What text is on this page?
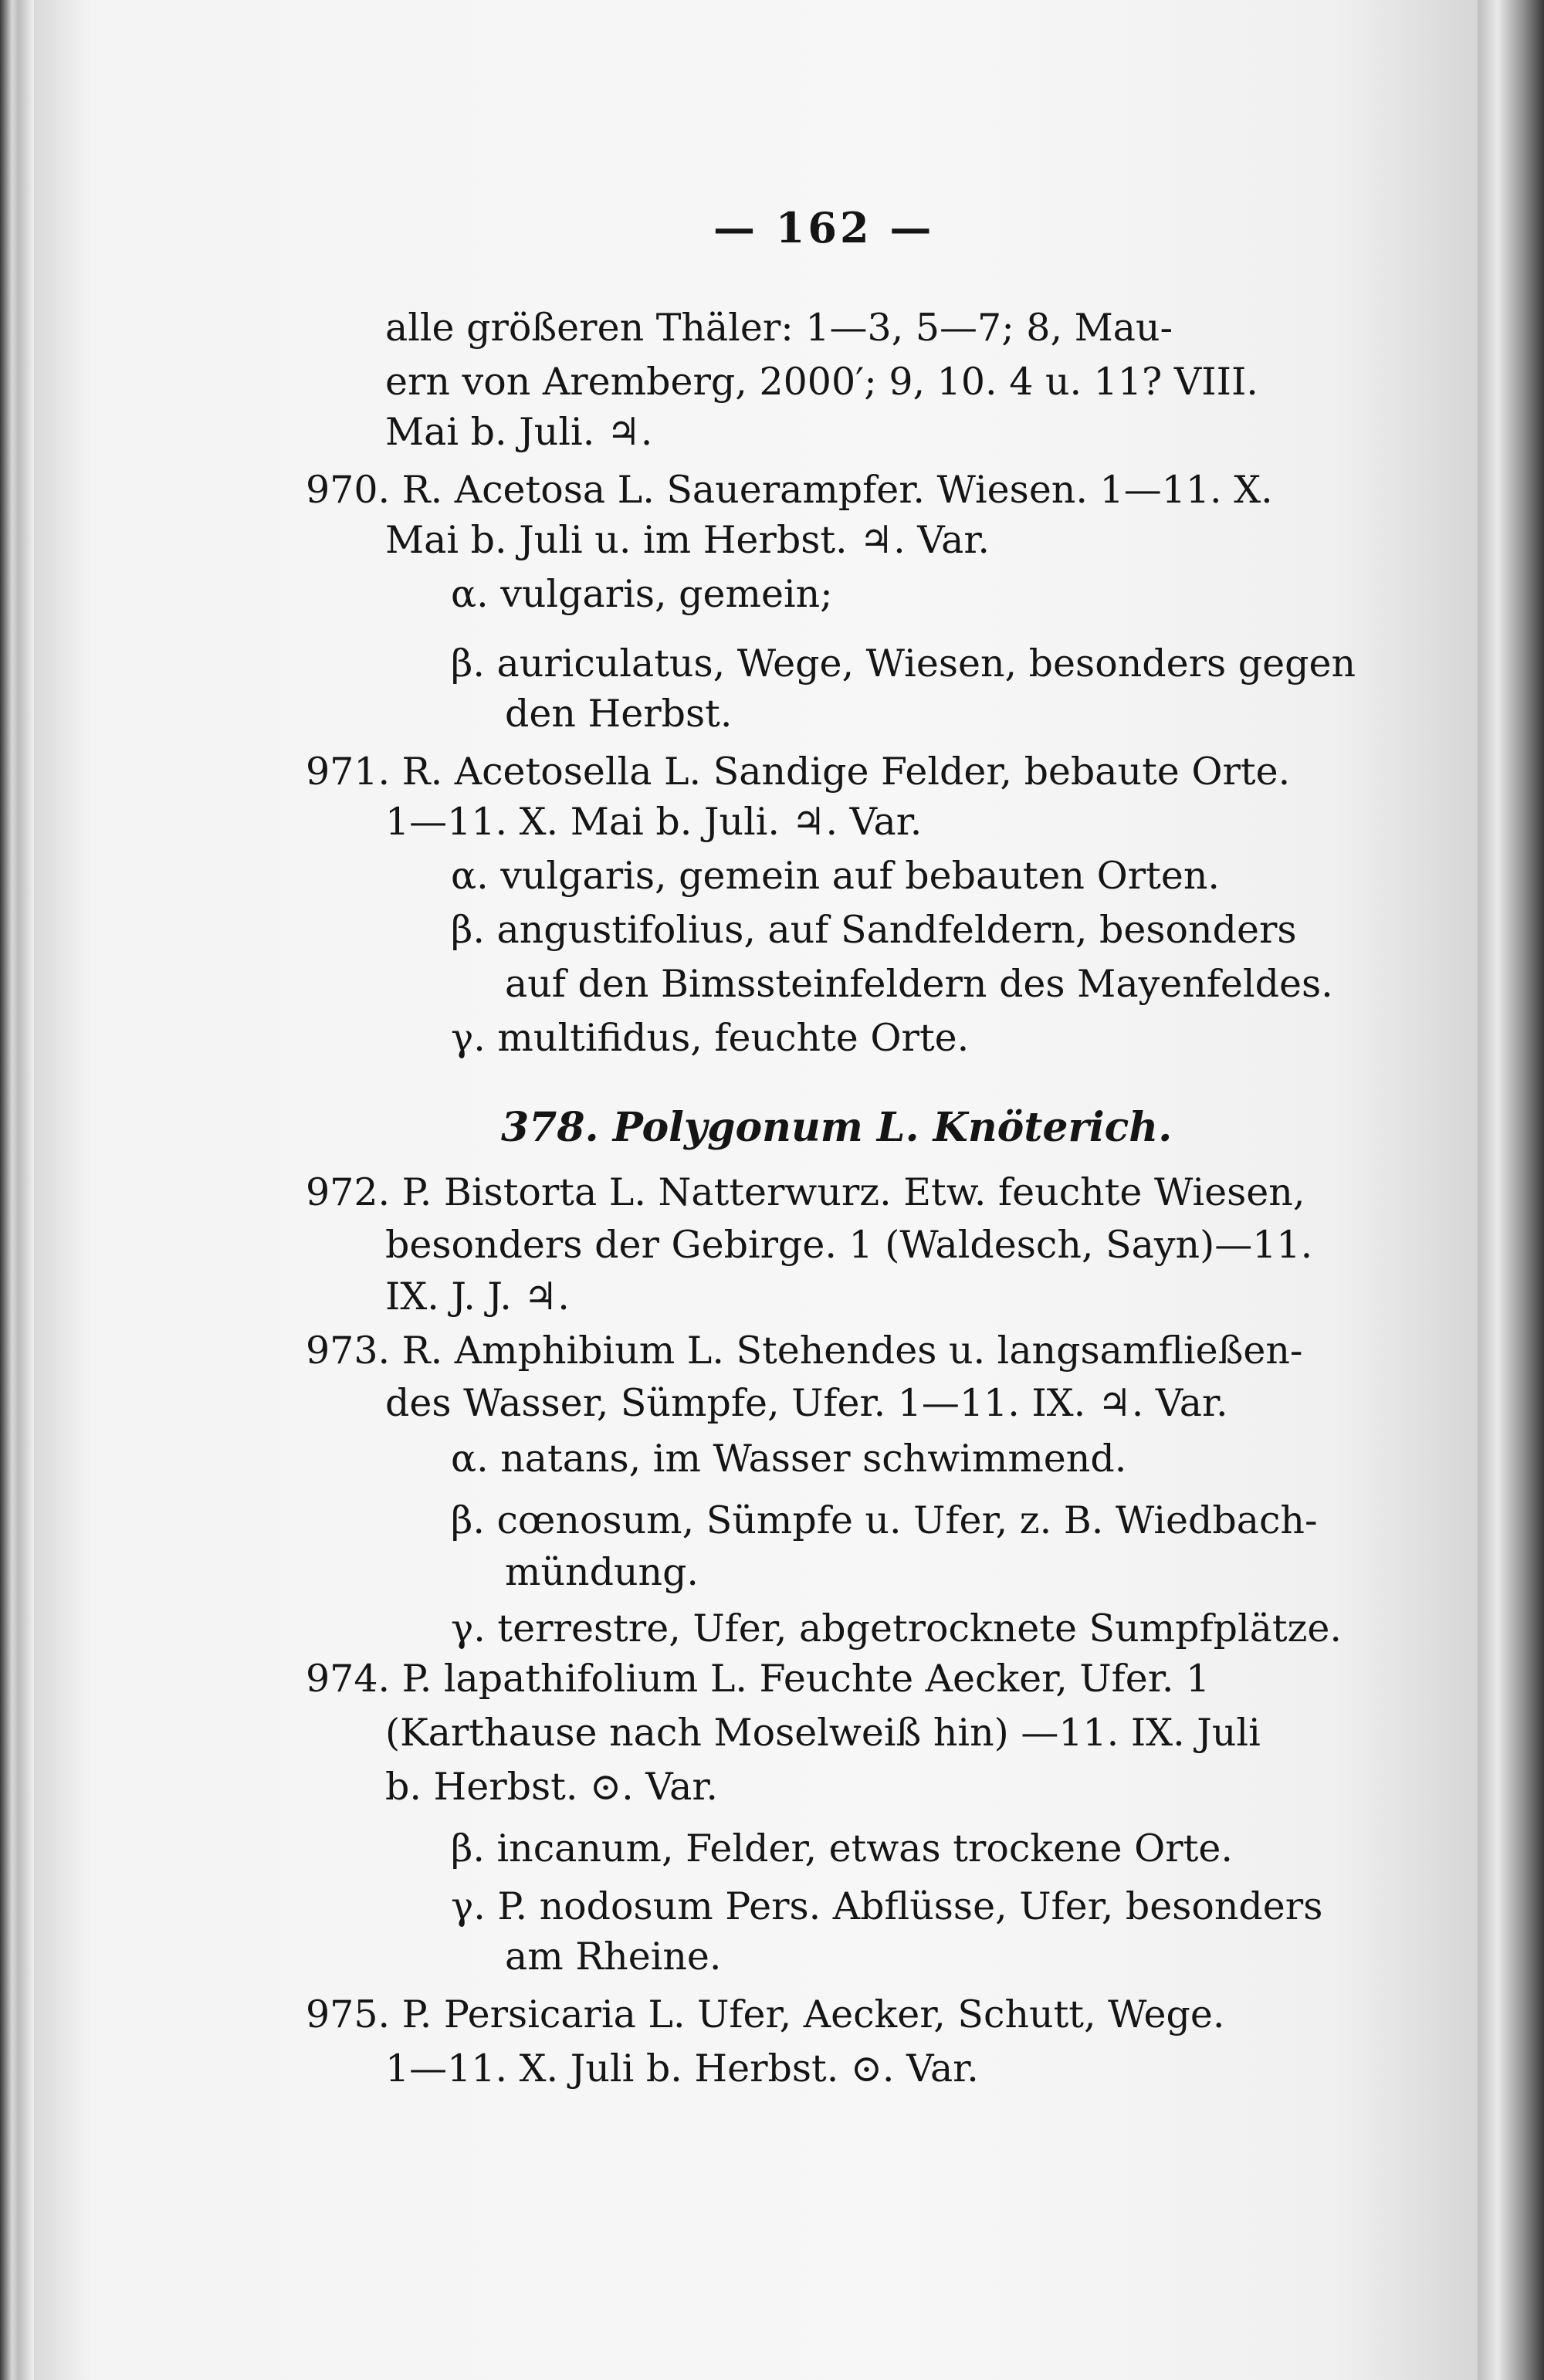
— 162 —
alle größeren Thäler: 1—3, 5—7; 8, Mau-
ern von Aremberg, 2000′; 9, 10. 4 u. 11? VIII.
Mai b. Juli. ♃.
970. R. Acetosa L. Sauerampfer. Wiesen. 1—11. X.
Mai b. Juli u. im Herbst. ♃. Var.
α. vulgaris, gemein;
β. auriculatus, Wege, Wiesen, besonders gegen
den Herbst.
971. R. Acetosella L. Sandige Felder, bebaute Orte.
1—11. X. Mai b. Juli. ♃. Var.
α. vulgaris, gemein auf bebauten Orten.
β. angustifolius, auf Sandfeldern, besonders
auf den Bimssteinfeldern des Mayenfeldes.
γ. multifidus, feuchte Orte.
378. Polygonum L. Knöterich.
972. P. Bistorta L. Natterwurz. Etw. feuchte Wiesen,
besonders der Gebirge. 1 (Waldesch, Sayn)—11.
IX. J. J. ♃.
973. R. Amphibium L. Stehendes u. langsamfließen-
des Wasser, Sümpfe, Ufer. 1—11. IX. ♃. Var.
α. natans, im Wasser schwimmend.
β. cœnosum, Sümpfe u. Ufer, z. B. Wiedbach-
mündung.
γ. terrestre, Ufer, abgetrocknete Sumpfplätze.
974. P. lapathifolium L. Feuchte Aecker, Ufer. 1
(Karthause nach Moselweiß hin) —11. IX. Juli
b. Herbst. ⊙. Var.
β. incanum, Felder, etwas trockene Orte.
γ. P. nodosum Pers. Abflüsse, Ufer, besonders
am Rheine.
975. P. Persicaria L. Ufer, Aecker, Schutt, Wege.
1—11. X. Juli b. Herbst. ⊙. Var.
